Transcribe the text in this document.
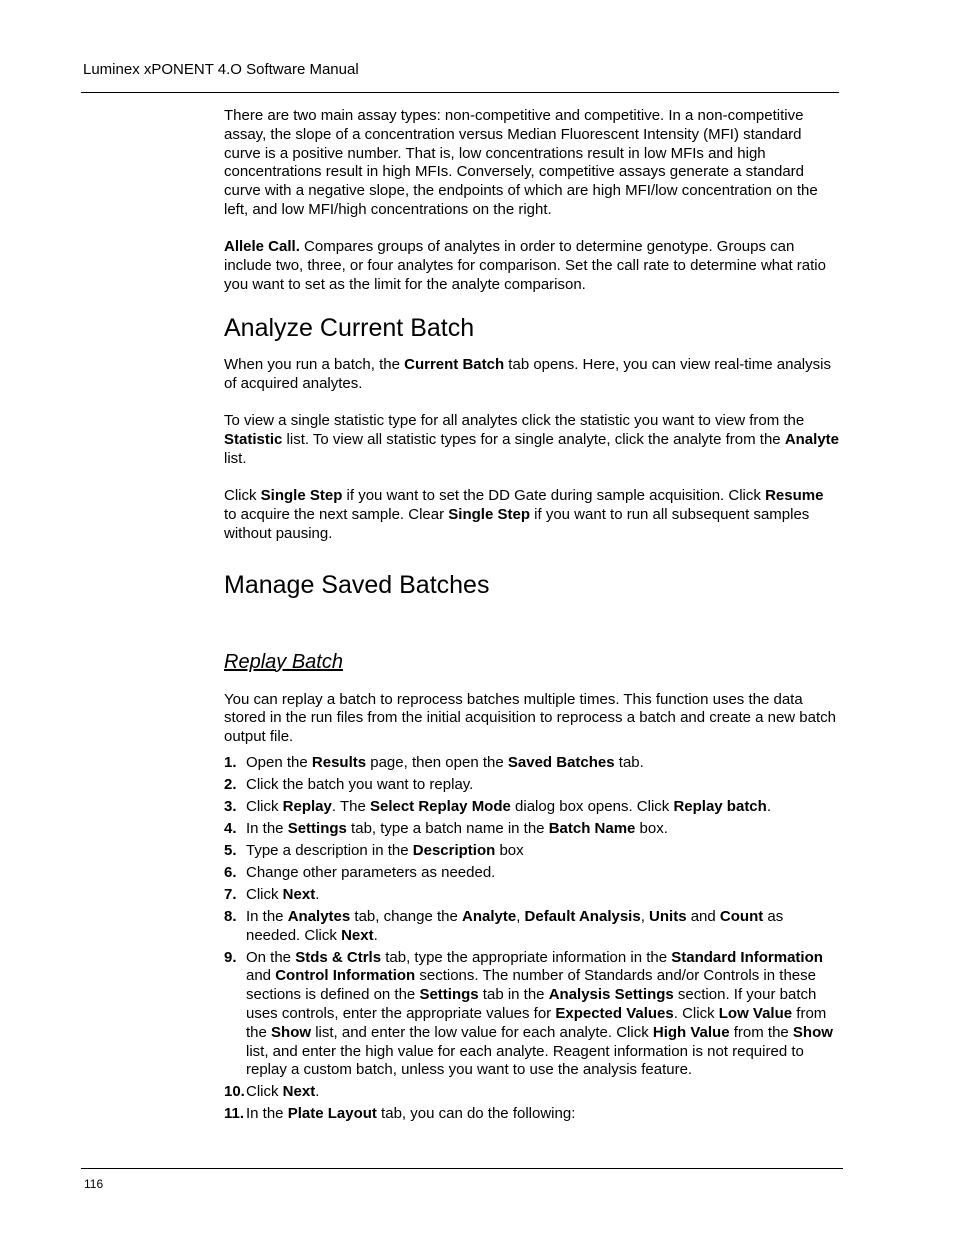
Luminex xPONENT 4.O Software Manual

There are two main assay types: non-competitive and competitive. In a non-competitive assay, the slope of a concentration versus Median Fluorescent Intensity (MFI) standard curve is a positive number. That is, low concentrations result in low MFIs and high concentrations result in high MFIs. Conversely, competitive assays generate a standard curve with a negative slope, the endpoints of which are high MFI/low concentration on the left, and low MFI/high concentrations on the right.

Allele Call. Compares groups of analytes in order to determine genotype. Groups can include two, three, or four analytes for comparison. Set the call rate to determine what ratio you want to set as the limit for the analyte comparison.

Analyze Current Batch

When you run a batch, the Current Batch tab opens. Here, you can view real-time analysis of acquired analytes.

To view a single statistic type for all analytes click the statistic you want to view from the Statistic list. To view all statistic types for a single analyte, click the analyte from the Analyte list.

Click Single Step if you want to set the DD Gate during sample acquisition. Click Resume to acquire the next sample. Clear Single Step if you want to run all subsequent samples without pausing.

Manage Saved Batches
Replay Batch

You can replay a batch to reprocess batches multiple times. This function uses the data stored in the run files from the initial acquisition to reprocess a batch and create a new batch output file.

1. Open the Results page, then open the Saved Batches tab.
2. Click the batch you want to replay.
3. Click Replay. The Select Replay Mode dialog box opens. Click Replay batch.
4. In the Settings tab, type a batch name in the Batch Name box.
5. Type a description in the Description box
6. Change other parameters as needed.
7. Click Next.
8. In the Analytes tab, change the Analyte, Default Analysis, Units and Count as needed. Click Next.
9. On the Stds & Ctrls tab, type the appropriate information in the Standard Information and Control Information sections. The number of Standards and/or Controls in these sections is defined on the Settings tab in the Analysis Settings section. If your batch uses controls, enter the appropriate values for Expected Values. Click Low Value from the Show list, and enter the low value for each analyte. Click High Value from the Show list, and enter the high value for each analyte. Reagent information is not required to replay a custom batch, unless you want to use the analysis feature.
10. Click Next.
11. In the Plate Layout tab, you can do the following:
116
